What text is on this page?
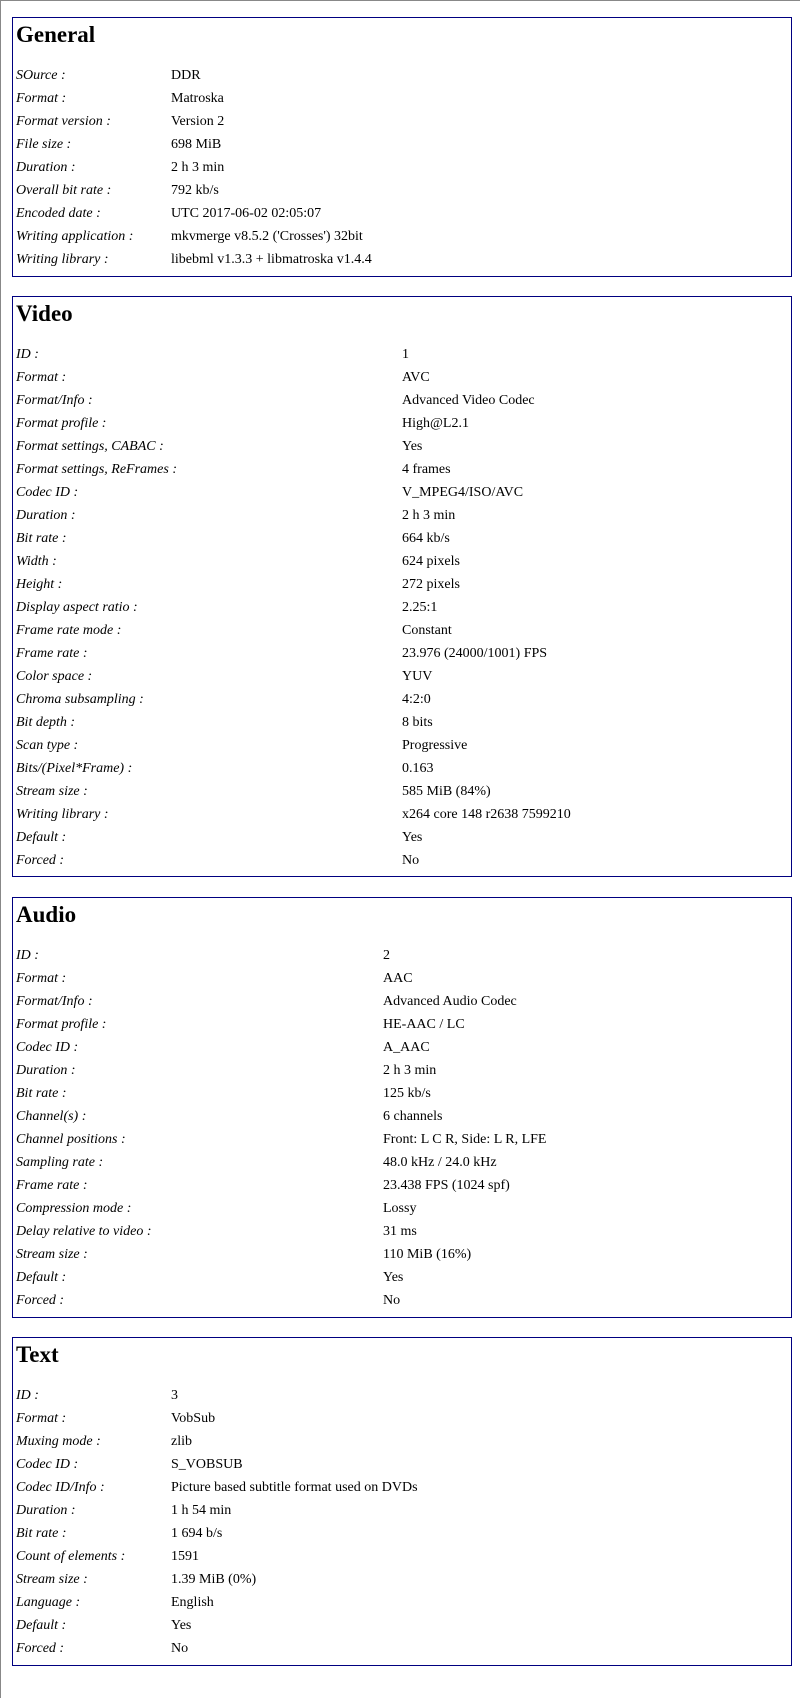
General
SOurce :	DDR
Format :	Matroska
Format version :	Version 2
File size :	698 MiB
Duration :	2 h 3 min
Overall bit rate :	792 kb/s
Encoded date :	UTC 2017-06-02 02:05:07
Writing application :	mkvmerge v8.5.2 ('Crosses') 32bit
Writing library :	libebml v1.3.3 + libmatroska v1.4.4
Video
ID :	1
Format :	AVC
Format/Info :	Advanced Video Codec
Format profile :	High@L2.1
Format settings, CABAC :	Yes
Format settings, ReFrames :	4 frames
Codec ID :	V_MPEG4/ISO/AVC
Duration :	2 h 3 min
Bit rate :	664 kb/s
Width :	624 pixels
Height :	272 pixels
Display aspect ratio :	2.25:1
Frame rate mode :	Constant
Frame rate :	23.976 (24000/1001) FPS
Color space :	YUV
Chroma subsampling :	4:2:0
Bit depth :	8 bits
Scan type :	Progressive
Bits/(Pixel*Frame) :	0.163
Stream size :	585 MiB (84%)
Writing library :	x264 core 148 r2638 7599210
Default :	Yes
Forced :	No
Audio
ID :	2
Format :	AAC
Format/Info :	Advanced Audio Codec
Format profile :	HE-AAC / LC
Codec ID :	A_AAC
Duration :	2 h 3 min
Bit rate :	125 kb/s
Channel(s) :	6 channels
Channel positions :	Front: L C R, Side: L R, LFE
Sampling rate :	48.0 kHz / 24.0 kHz
Frame rate :	23.438 FPS (1024 spf)
Compression mode :	Lossy
Delay relative to video :	31 ms
Stream size :	110 MiB (16%)
Default :	Yes
Forced :	No
Text
ID :	3
Format :	VobSub
Muxing mode :	zlib
Codec ID :	S_VOBSUB
Codec ID/Info :	Picture based subtitle format used on DVDs
Duration :	1 h 54 min
Bit rate :	1 694 b/s
Count of elements :	1591
Stream size :	1.39 MiB (0%)
Language :	English
Default :	Yes
Forced :	No
